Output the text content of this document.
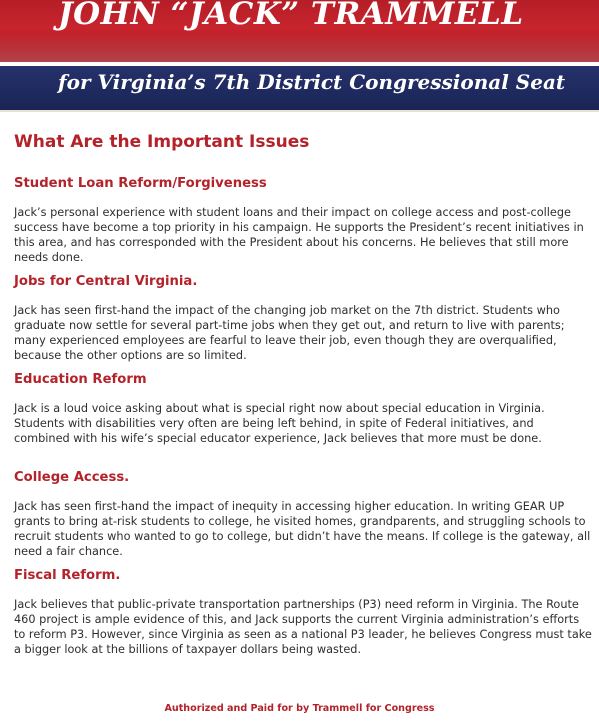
JOHN “JACK” TRAMMELL
for Virginia’s 7th District Congressional Seat
What Are the Important Issues
Student Loan Reform/Forgiveness

Jack’s personal experience with student loans and their impact on college access and post-college success have become a top priority in his campaign. He supports the President’s recent initiatives in this area, and has corresponded with the President about his concerns. He believes that still more needs done.

Jobs for Central Virginia.

Jack has seen first-hand the impact of the changing job market on the 7th district. Students who graduate now settle for several part-time jobs when they get out, and return to live with parents; many experienced employees are fearful to leave their job, even though they are overqualified, because the other options are so limited.

Education Reform

Jack is a loud voice asking about what is special right now about special education in Virginia. Students with disabilities very often are being left behind, in spite of Federal initiatives, and combined with his wife’s special educator experience, Jack believes that more must be done.

College Access.

Jack has seen first-hand the impact of inequity in accessing higher education. In writing GEAR UP grants to bring at-risk students to college, he visited homes, grandparents, and struggling schools to recruit students who wanted to go to college, but didn’t have the means. If college is the gateway, all need a fair chance.

Fiscal Reform.

Jack believes that public-private transportation partnerships (P3) need reform in Virginia. The Route 460 project is ample evidence of this, and Jack supports the current Virginia administration’s efforts to reform P3. However, since Virginia as seen as a national P3 leader, he believes Congress must take a bigger look at the billions of taxpayer dollars being wasted.

Authorized and Paid for by Trammell for Congress
